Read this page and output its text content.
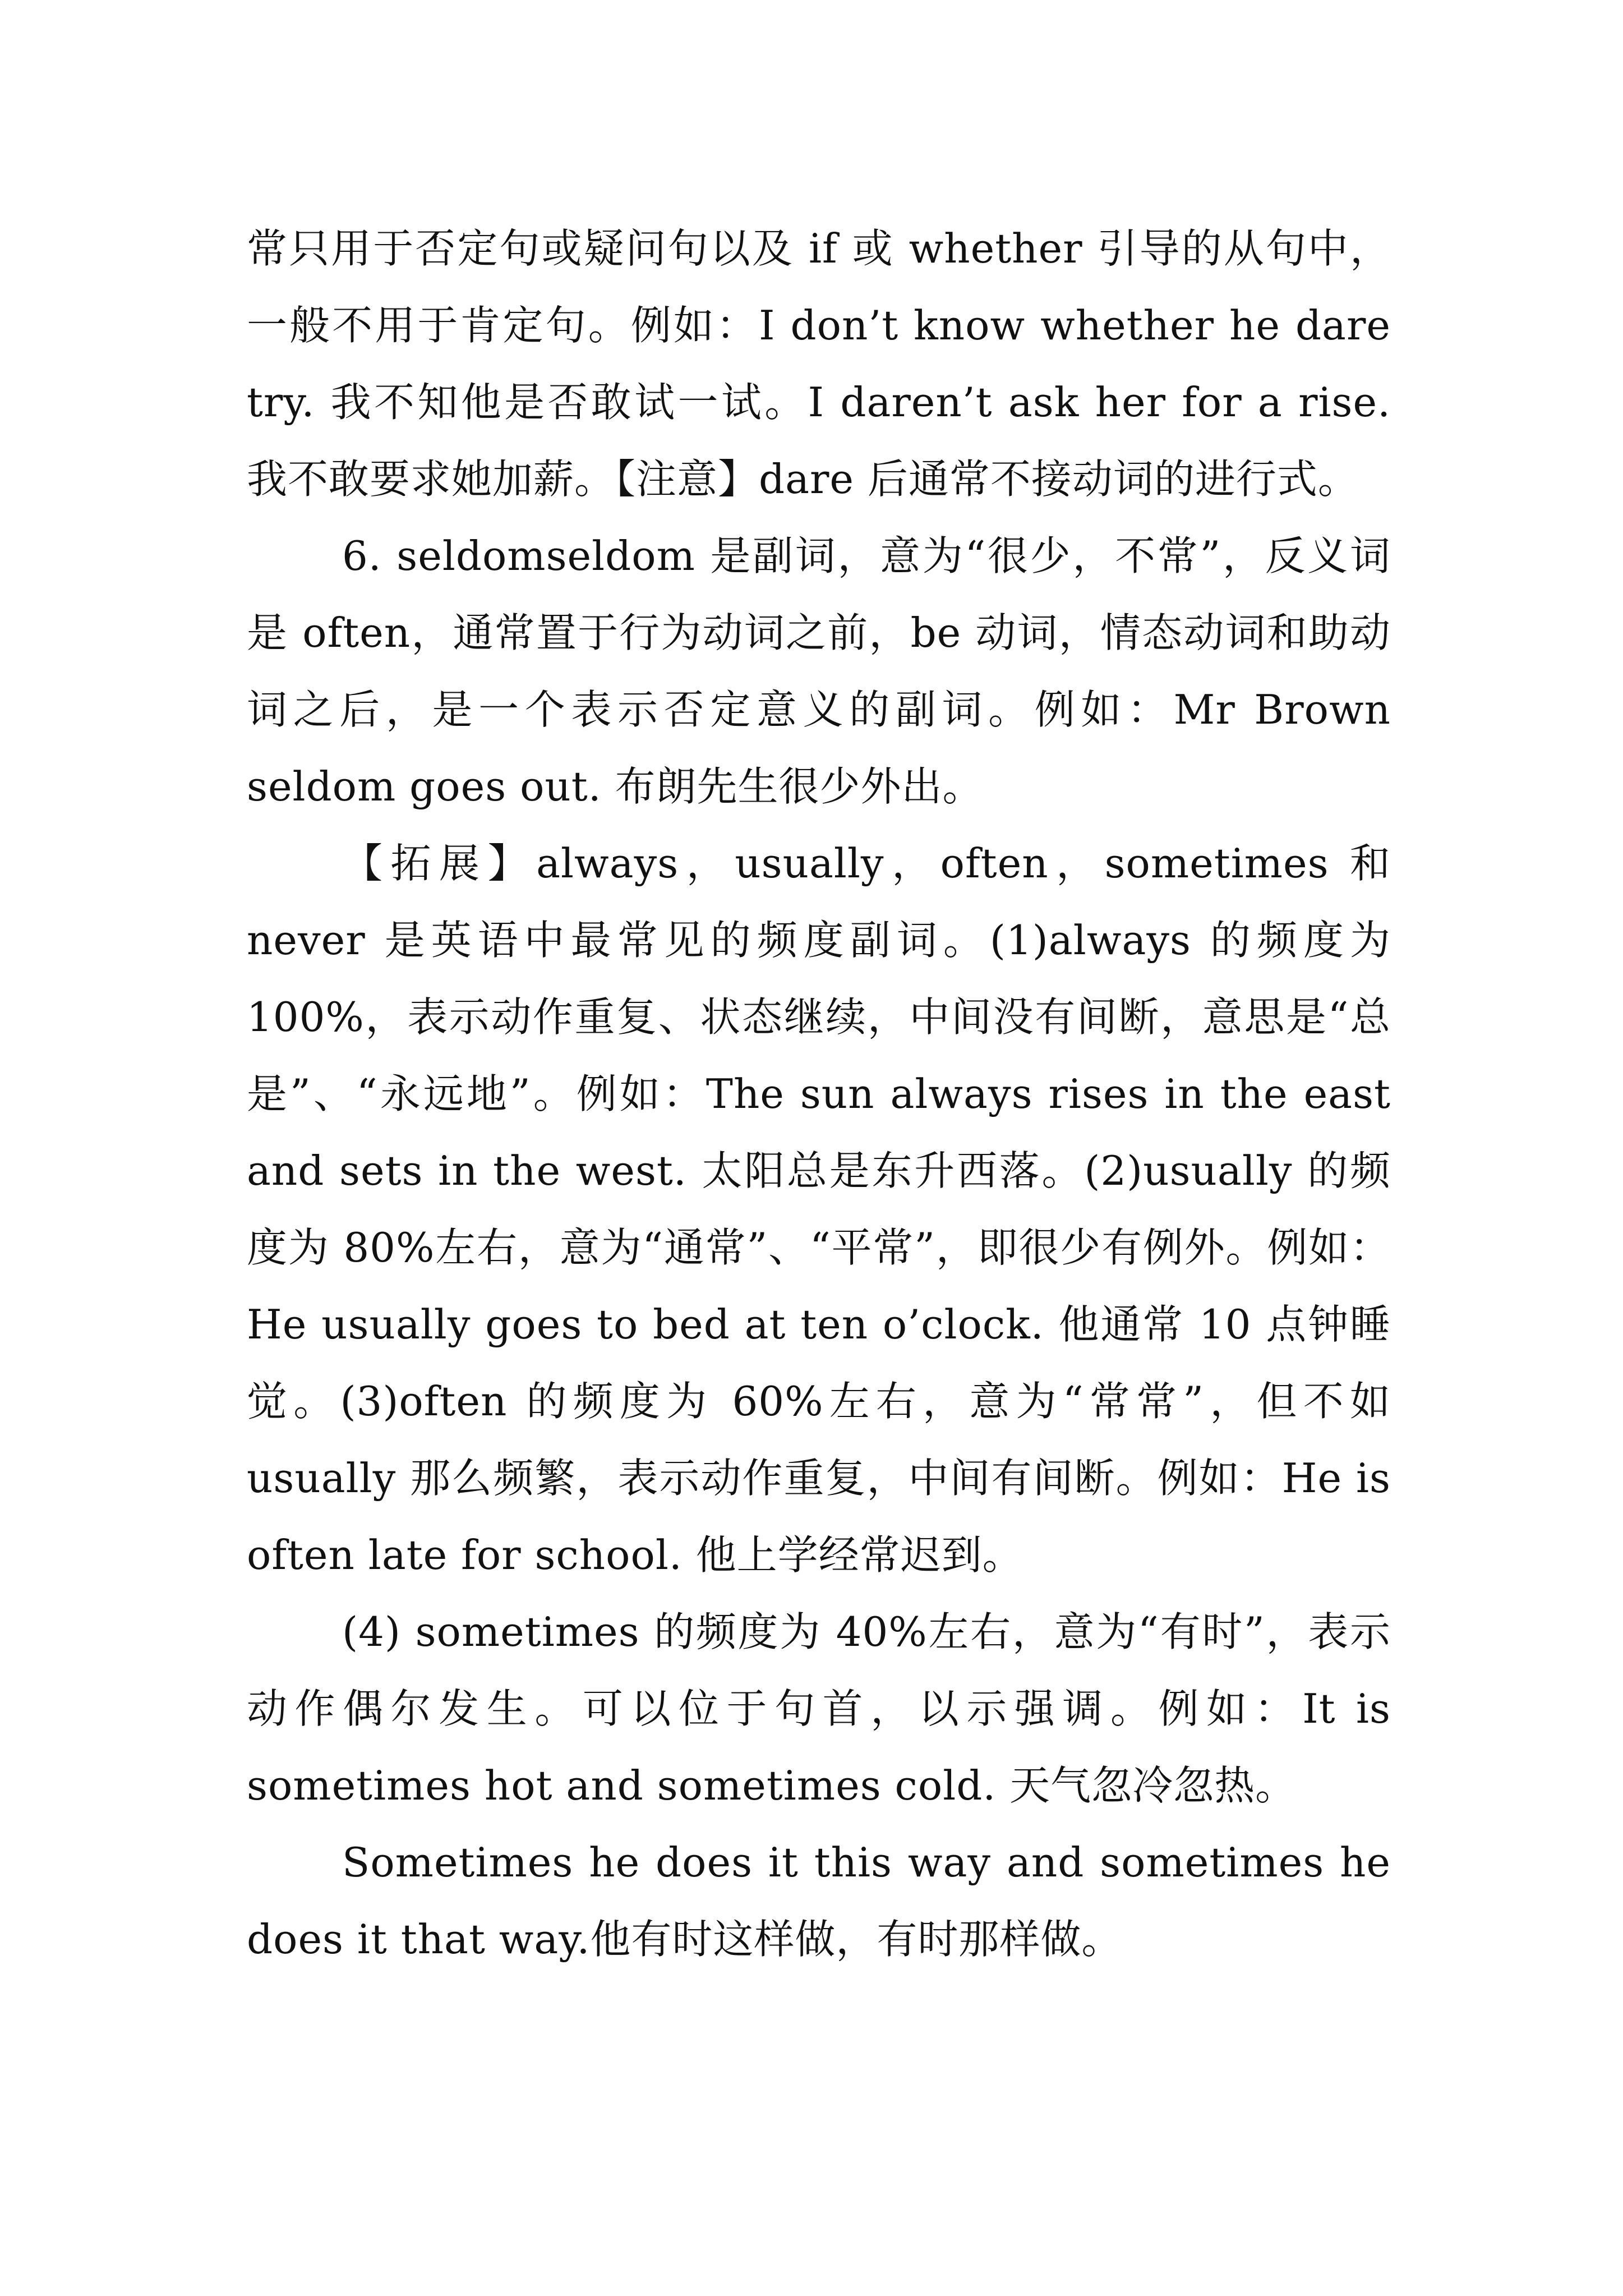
常只用于否定句或疑问句以及 if 或 whether 引导的从句中，一般不用于肯定句。例如：I don’t know whether he dare try. 我不知他是否敢试一试。I daren’t ask her for a rise. 我不敢要求她加薪。【注意】dare 后通常不接动词的进行式。

6. seldomseldom 是副词，意为“很少，不常”，反义词是 often，通常置于行为动词之前，be 动词，情态动词和助动词之后，是一个表示否定意义的副词。例如：Mr Brown seldom goes out. 布朗先生很少外出。

【拓展】always，usually，often，sometimes 和 never 是英语中最常见的频度副词。(1)always 的频度为 100%，表示动作重复、状态继续，中间没有间断，意思是“总是”、“永远地”。例如：The sun always rises in the east and sets in the west. 太阳总是东升西落。(2)usually 的频度为 80%左右，意为“通常”、“平常”，即很少有例外。例如：He usually goes to bed at ten o’clock. 他通常 10 点钟睡觉。(3)often 的频度为 60%左右，意为“常常”，但不如 usually 那么频繁，表示动作重复，中间有间断。例如：He is often late for school. 他上学经常迟到。

(4) sometimes 的频度为 40%左右，意为“有时”，表示动作偶尔发生。可以位于句首，以示强调。例如：It is sometimes hot and sometimes cold. 天气忽冷忽热。

Sometimes he does it this way and sometimes he does it that way.他有时这样做，有时那样做。
